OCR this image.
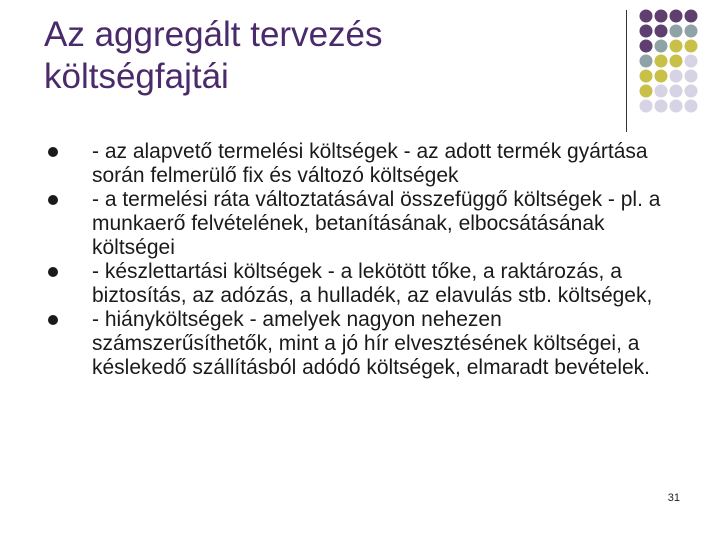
Az aggregált tervezés
költségfajtái
- az alapvető termelési költségek - az adott termék gyártása során felmerülő fix és változó költségek
- a termelési ráta változtatásával összefüggő költségek - pl. a munkaerő felvételének, betanításának, elbocsátásának költségei
- készlettartási költségek - a lekötött tőke, a raktározás, a biztosítás, az adózás, a hulladék, az elavulás stb. költségek,
- hiányköltségek - amelyek nagyon nehezen számszerűsíthetők, mint a jó hír elvesztésének költségei, a késlekedő szállításból adódó költségek, elmaradt bevételek.
31
